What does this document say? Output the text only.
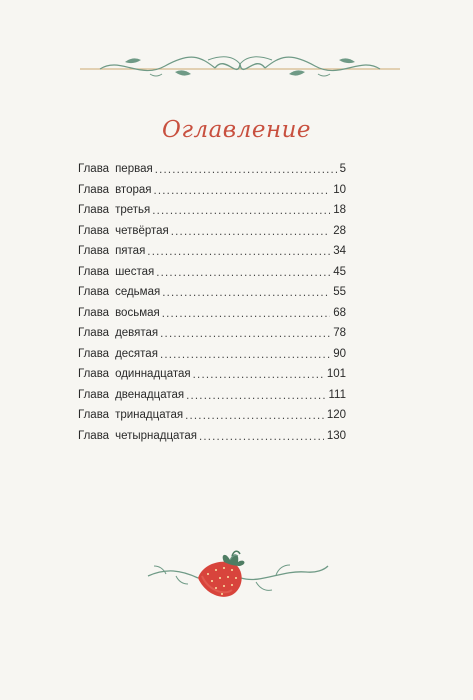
Оглавление
Глава первая .....	5
Глава вторая .....	10
Глава третья .....	18
Глава четвёртая .....	28
Глава пятая .....	34
Глава шестая .....	45
Глава седьмая .....	55
Глава восьмая .....	68
Глава девятая .....	78
Глава десятая .....	90
Глава одиннадцатая .....	101
Глава двенадцатая .....	111
Глава тринадцатая .....	120
Глава четырнадцатая .....	130
